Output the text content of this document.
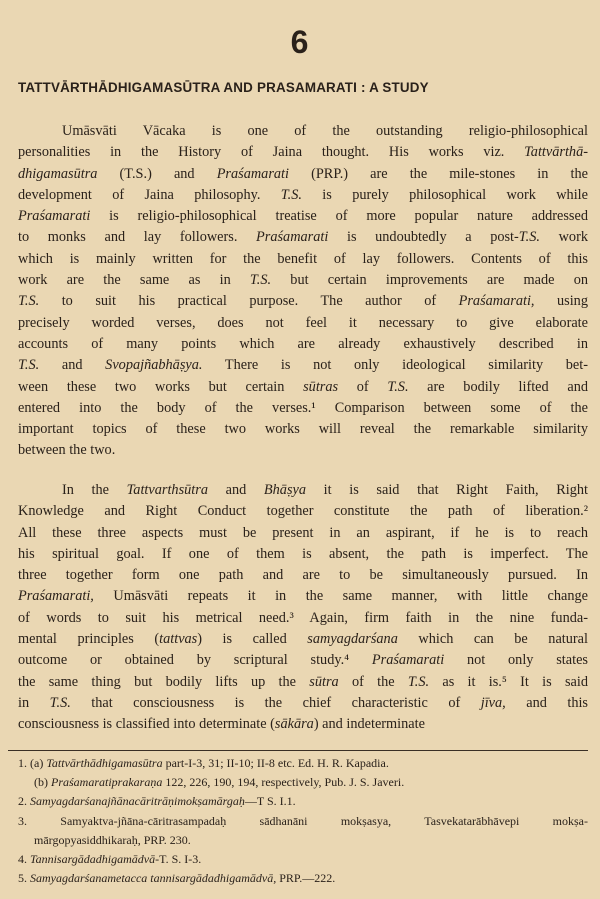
6
TATTVĀRTHĀDHIGAMASŪTRA AND PRASAMARATI : A STUDY
Umāsvāti Vācaka is one of the outstanding religio-philosophical
personalities in the History of Jaina thought. His works viz. Tattvārthā-
dhigamasūtra (T.S.) and Praśamarati (PRP.) are the mile-stones in the
development of Jaina philosophy. T.S. is purely philosophical work while
Praśamarati is religio-philosophical treatise of more popular nature addressed
to monks and lay followers. Praśamarati is undoubtedly a post-T.S. work
which is mainly written for the benefit of lay followers. Contents of this
work are the same as in T.S. but certain improvements are made on
T.S. to suit his practical purpose. The author of Praśamarati, using
precisely worded verses, does not feel it necessary to give elaborate
accounts of many points which are already exhaustively described in
T.S. and Svopajñabhāṣya. There is not only ideological similarity bet-
ween these two works but certain sūtras of T.S. are bodily lifted and
entered into the body of the verses.¹ Comparison between some of the
important topics of these two works will reveal the remarkable similarity
between the two.
In the Tattvarthsūtra and Bhāṣya it is said that Right Faith, Right
Knowledge and Right Conduct together constitute the path of liberation.²
All these three aspects must be present in an aspirant, if he is to reach
his spiritual goal. If one of them is absent, the path is imperfect. The
three together form one path and are to be simultaneously pursued. In
Praśamarati, Umāsvāti repeats it in the same manner, with little change
of words to suit his metrical need.³ Again, firm faith in the nine funda-
mental principles (tattvas) is called samyagdarśana which can be natural
outcome or obtained by scriptural study.⁴ Praśamarati not only states
the same thing but bodily lifts up the sūtra of the T.S. as it is.⁵ It is said
in T.S. that consciousness is the chief characteristic of jīva, and this
consciousness is classified into determinate (sākāra) and indeterminate
1. (a) Tattvārthādhigamasūtra part-I-3, 31; II-10; II-8 etc. Ed. H. R. Kapadia.
(b) Praśamaratiprakaraṇa 122, 226, 190, 194, respectively, Pub. J. S. Javeri.
2. Samyagdarśanajñānacāritrāṇimokṣamārgaḥ—T S. I.1.
3. Samyaktva-jñāna-cāritrasampadaḥ sādhanāni mokṣasya, Tasvekatarābhāvepi mokṣa-
mārgopyasiddhikaraḥ, PRP. 230.
4. Tannisargādadhigamādvā-T. S. I-3.
5. Samyagdarśanametacca tannisargādadhigamādvā, PRP.—222.
